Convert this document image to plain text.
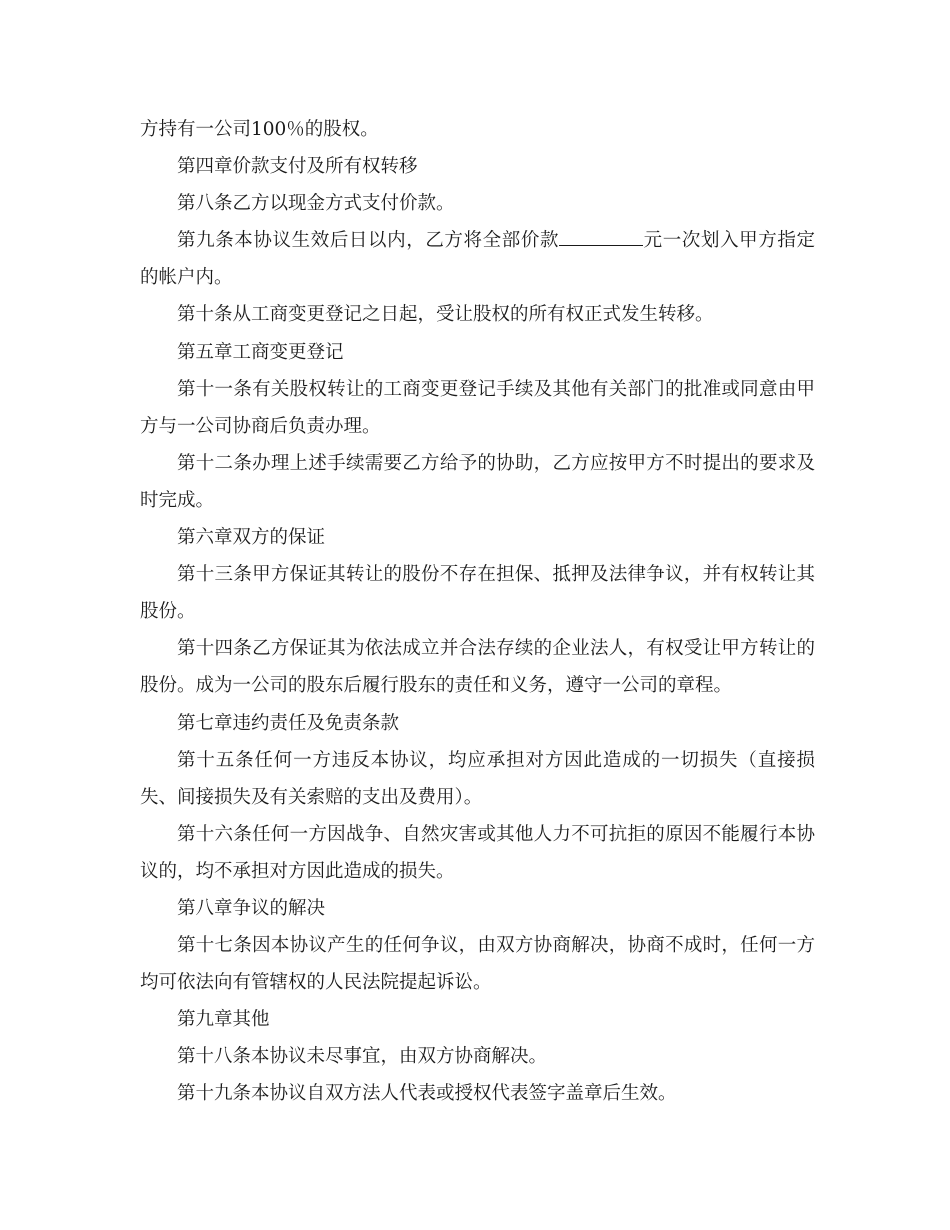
方持有一公司100％的股权。

第四章价款支付及所有权转移

第八条乙方以现金方式支付价款。

第九条本协议生效后日以内，乙方将全部价款	元一次划入甲方指定的帐户内。

第十条从工商变更登记之日起，受让股权的所有权正式发生转移。

第五章工商变更登记

第十一条有关股权转让的工商变更登记手续及其他有关部门的批准或同意由甲方与一公司协商后负责办理。

第十二条办理上述手续需要乙方给予的协助，乙方应按甲方不时提出的要求及时完成。

第六章双方的保证

第十三条甲方保证其转让的股份不存在担保、抵押及法律争议，并有权转让其股份。

第十四条乙方保证其为依法成立并合法存续的企业法人，有权受让甲方转让的股份。成为一公司的股东后履行股东的责任和义务，遵守一公司的章程。

第七章违约责任及免责条款

第十五条任何一方违反本协议，均应承担对方因此造成的一切损失（直接损失、间接损失及有关索赔的支出及费用）。

第十六条任何一方因战争、自然灾害或其他人力不可抗拒的原因不能履行本协议的，均不承担对方因此造成的损失。

第八章争议的解决

第十七条因本协议产生的任何争议，由双方协商解决，协商不成时，任何一方均可依法向有管辖权的人民法院提起诉讼。

第九章其他

第十八条本协议未尽事宜，由双方协商解决。

第十九条本协议自双方法人代表或授权代表签字盖章后生效。
